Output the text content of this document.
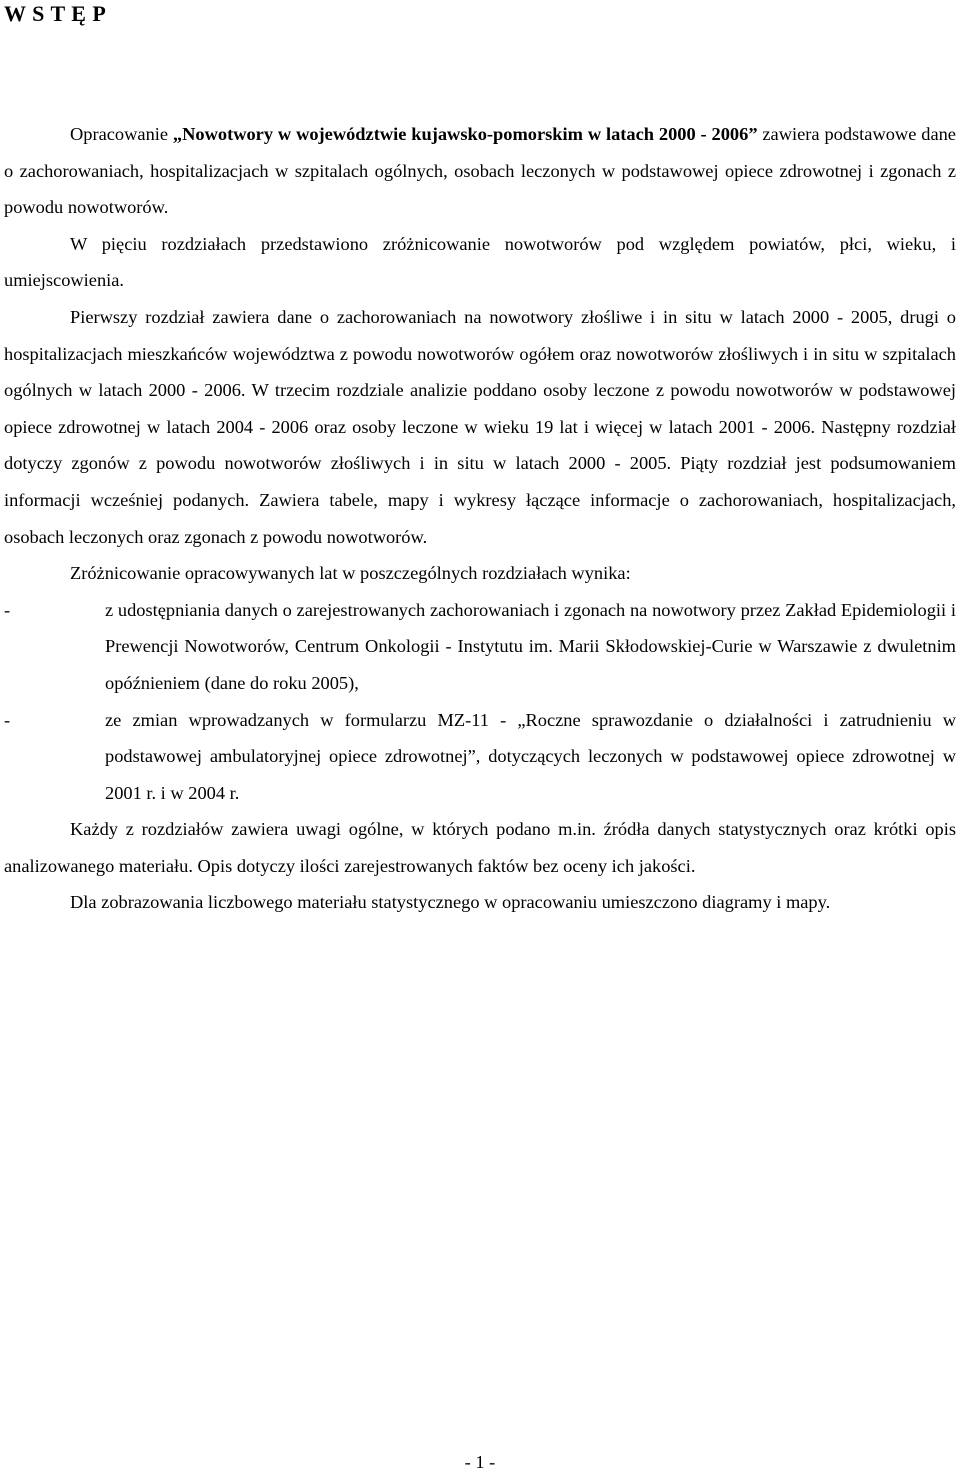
W S T Ę P

Opracowanie „Nowotwory w województwie kujawsko-pomorskim w latach 2000 - 2006” zawiera podstawowe dane o zachorowaniach, hospitalizacjach w szpitalach ogólnych, osobach leczonych w podstawowej opiece zdrowotnej i zgonach z powodu nowotworów.

W pięciu rozdziałach przedstawiono zróżnicowanie nowotworów pod względem powiatów, płci, wieku, i umiejscowienia.

Pierwszy rozdział zawiera dane o zachorowaniach na nowotwory złośliwe i in situ w latach 2000 - 2005, drugi o hospitalizacjach mieszkańców województwa z powodu nowotworów ogółem oraz nowotworów złośliwych i in situ w szpitalach ogólnych w latach 2000 - 2006. W trzecim rozdziale analizie poddano osoby leczone z powodu nowotworów w podstawowej opiece zdrowotnej w latach 2004 - 2006 oraz osoby leczone w wieku 19 lat i więcej w latach 2001 - 2006. Następny rozdział dotyczy zgonów z powodu nowotworów złośliwych i in situ w latach 2000 - 2005. Piąty rozdział jest podsumowaniem informacji wcześniej podanych. Zawiera tabele, mapy i wykresy łączące informacje o zachorowaniach, hospitalizacjach, osobach leczonych oraz zgonach z powodu nowotworów.

Zróżnicowanie opracowywanych lat w poszczególnych rozdziałach wynika:

-	z udostępniania danych o zarejestrowanych zachorowaniach i zgonach na nowotwory przez Zakład Epidemiologii i Prewencji Nowotworów, Centrum Onkologii - Instytutu im. Marii Skłodowskiej-Curie w Warszawie z dwuletnim opóźnieniem (dane do roku 2005),
-	ze zmian wprowadzanych w formularzu MZ-11 - „Roczne sprawozdanie o działalności i zatrudnieniu w podstawowej ambulatoryjnej opiece zdrowotnej”, dotyczących leczonych w podstawowej opiece zdrowotnej w 2001 r. i w 2004 r.

Każdy z rozdziałów zawiera uwagi ogólne, w których podano m.in. źródła danych statystycznych oraz krótki opis analizowanego materiału. Opis dotyczy ilości zarejestrowanych faktów bez oceny ich jakości.

Dla zobrazowania liczbowego materiału statystycznego w opracowaniu umieszczono diagramy i mapy.

- 1 -
